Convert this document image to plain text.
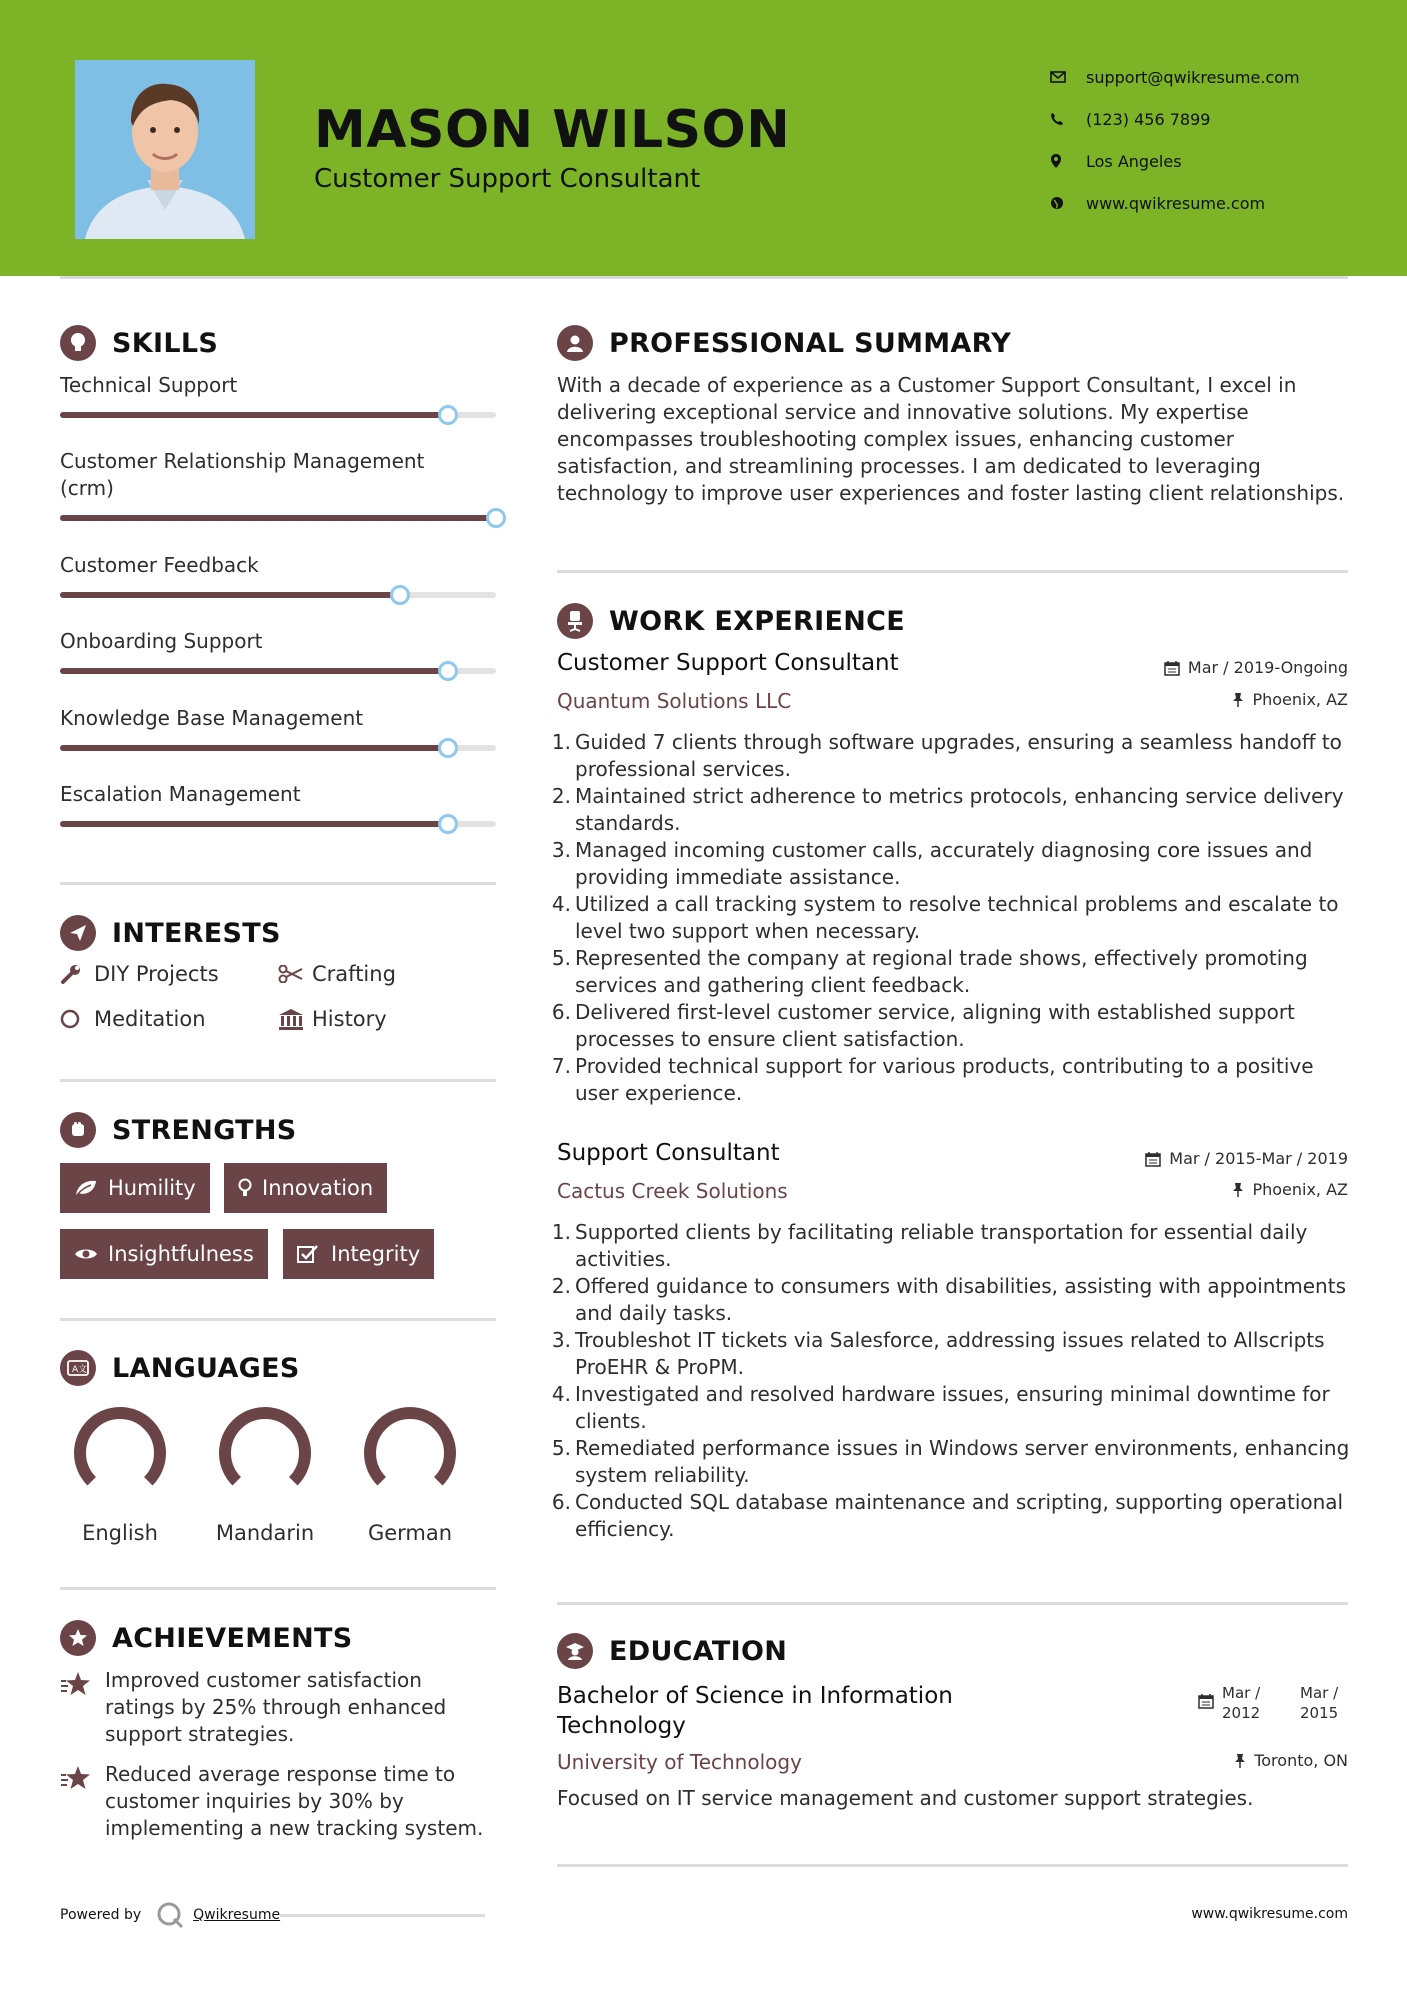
MASON WILSON
Customer Support Consultant
support@qwikresume.com
(123) 456 7899
Los Angeles
www.qwikresume.com
SKILLS
Technical Support
Customer Relationship Management (crm)
Customer Feedback
Onboarding Support
Knowledge Base Management
Escalation Management
INTERESTS
DIY Projects	Crafting
Meditation	History
STRENGTHS
Humility	Innovation
Insightfulness	Integrity
A文 LANGUAGES
English	Mandarin	German
ACHIEVEMENTS
Improved customer satisfaction ratings by 25% through enhanced support strategies.
Reduced average response time to customer inquiries by 30% by implementing a new tracking system.
PROFESSIONAL SUMMARY
With a decade of experience as a Customer Support Consultant, I excel in delivering exceptional service and innovative solutions. My expertise encompasses troubleshooting complex issues, enhancing customer satisfaction, and streamlining processes. I am dedicated to leveraging technology to improve user experiences and foster lasting client relationships.
WORK EXPERIENCE
Customer Support Consultant	Mar / 2019-Ongoing
Quantum Solutions LLC	Phoenix, AZ
1. Guided 7 clients through software upgrades, ensuring a seamless handoff to professional services.
2. Maintained strict adherence to metrics protocols, enhancing service delivery standards.
3. Managed incoming customer calls, accurately diagnosing core issues and providing immediate assistance.
4. Utilized a call tracking system to resolve technical problems and escalate to level two support when necessary.
5. Represented the company at regional trade shows, effectively promoting services and gathering client feedback.
6. Delivered first-level customer service, aligning with established support processes to ensure client satisfaction.
7. Provided technical support for various products, contributing to a positive user experience.
Support Consultant	Mar / 2015-Mar / 2019
Cactus Creek Solutions	Phoenix, AZ
1. Supported clients by facilitating reliable transportation for essential daily activities.
2. Offered guidance to consumers with disabilities, assisting with appointments and daily tasks.
3. Troubleshot IT tickets via Salesforce, addressing issues related to Allscripts ProEHR & ProPM.
4. Investigated and resolved hardware issues, ensuring minimal downtime for clients.
5. Remediated performance issues in Windows server environments, enhancing system reliability.
6. Conducted SQL database maintenance and scripting, supporting operational efficiency.
EDUCATION
Bachelor of Science in Information Technology
Mar /
2012
Mar /
2015
University of Technology	Toronto, ON
Focused on IT service management and customer support strategies.
Powered by	Qwikresume	www.qwikresume.com
